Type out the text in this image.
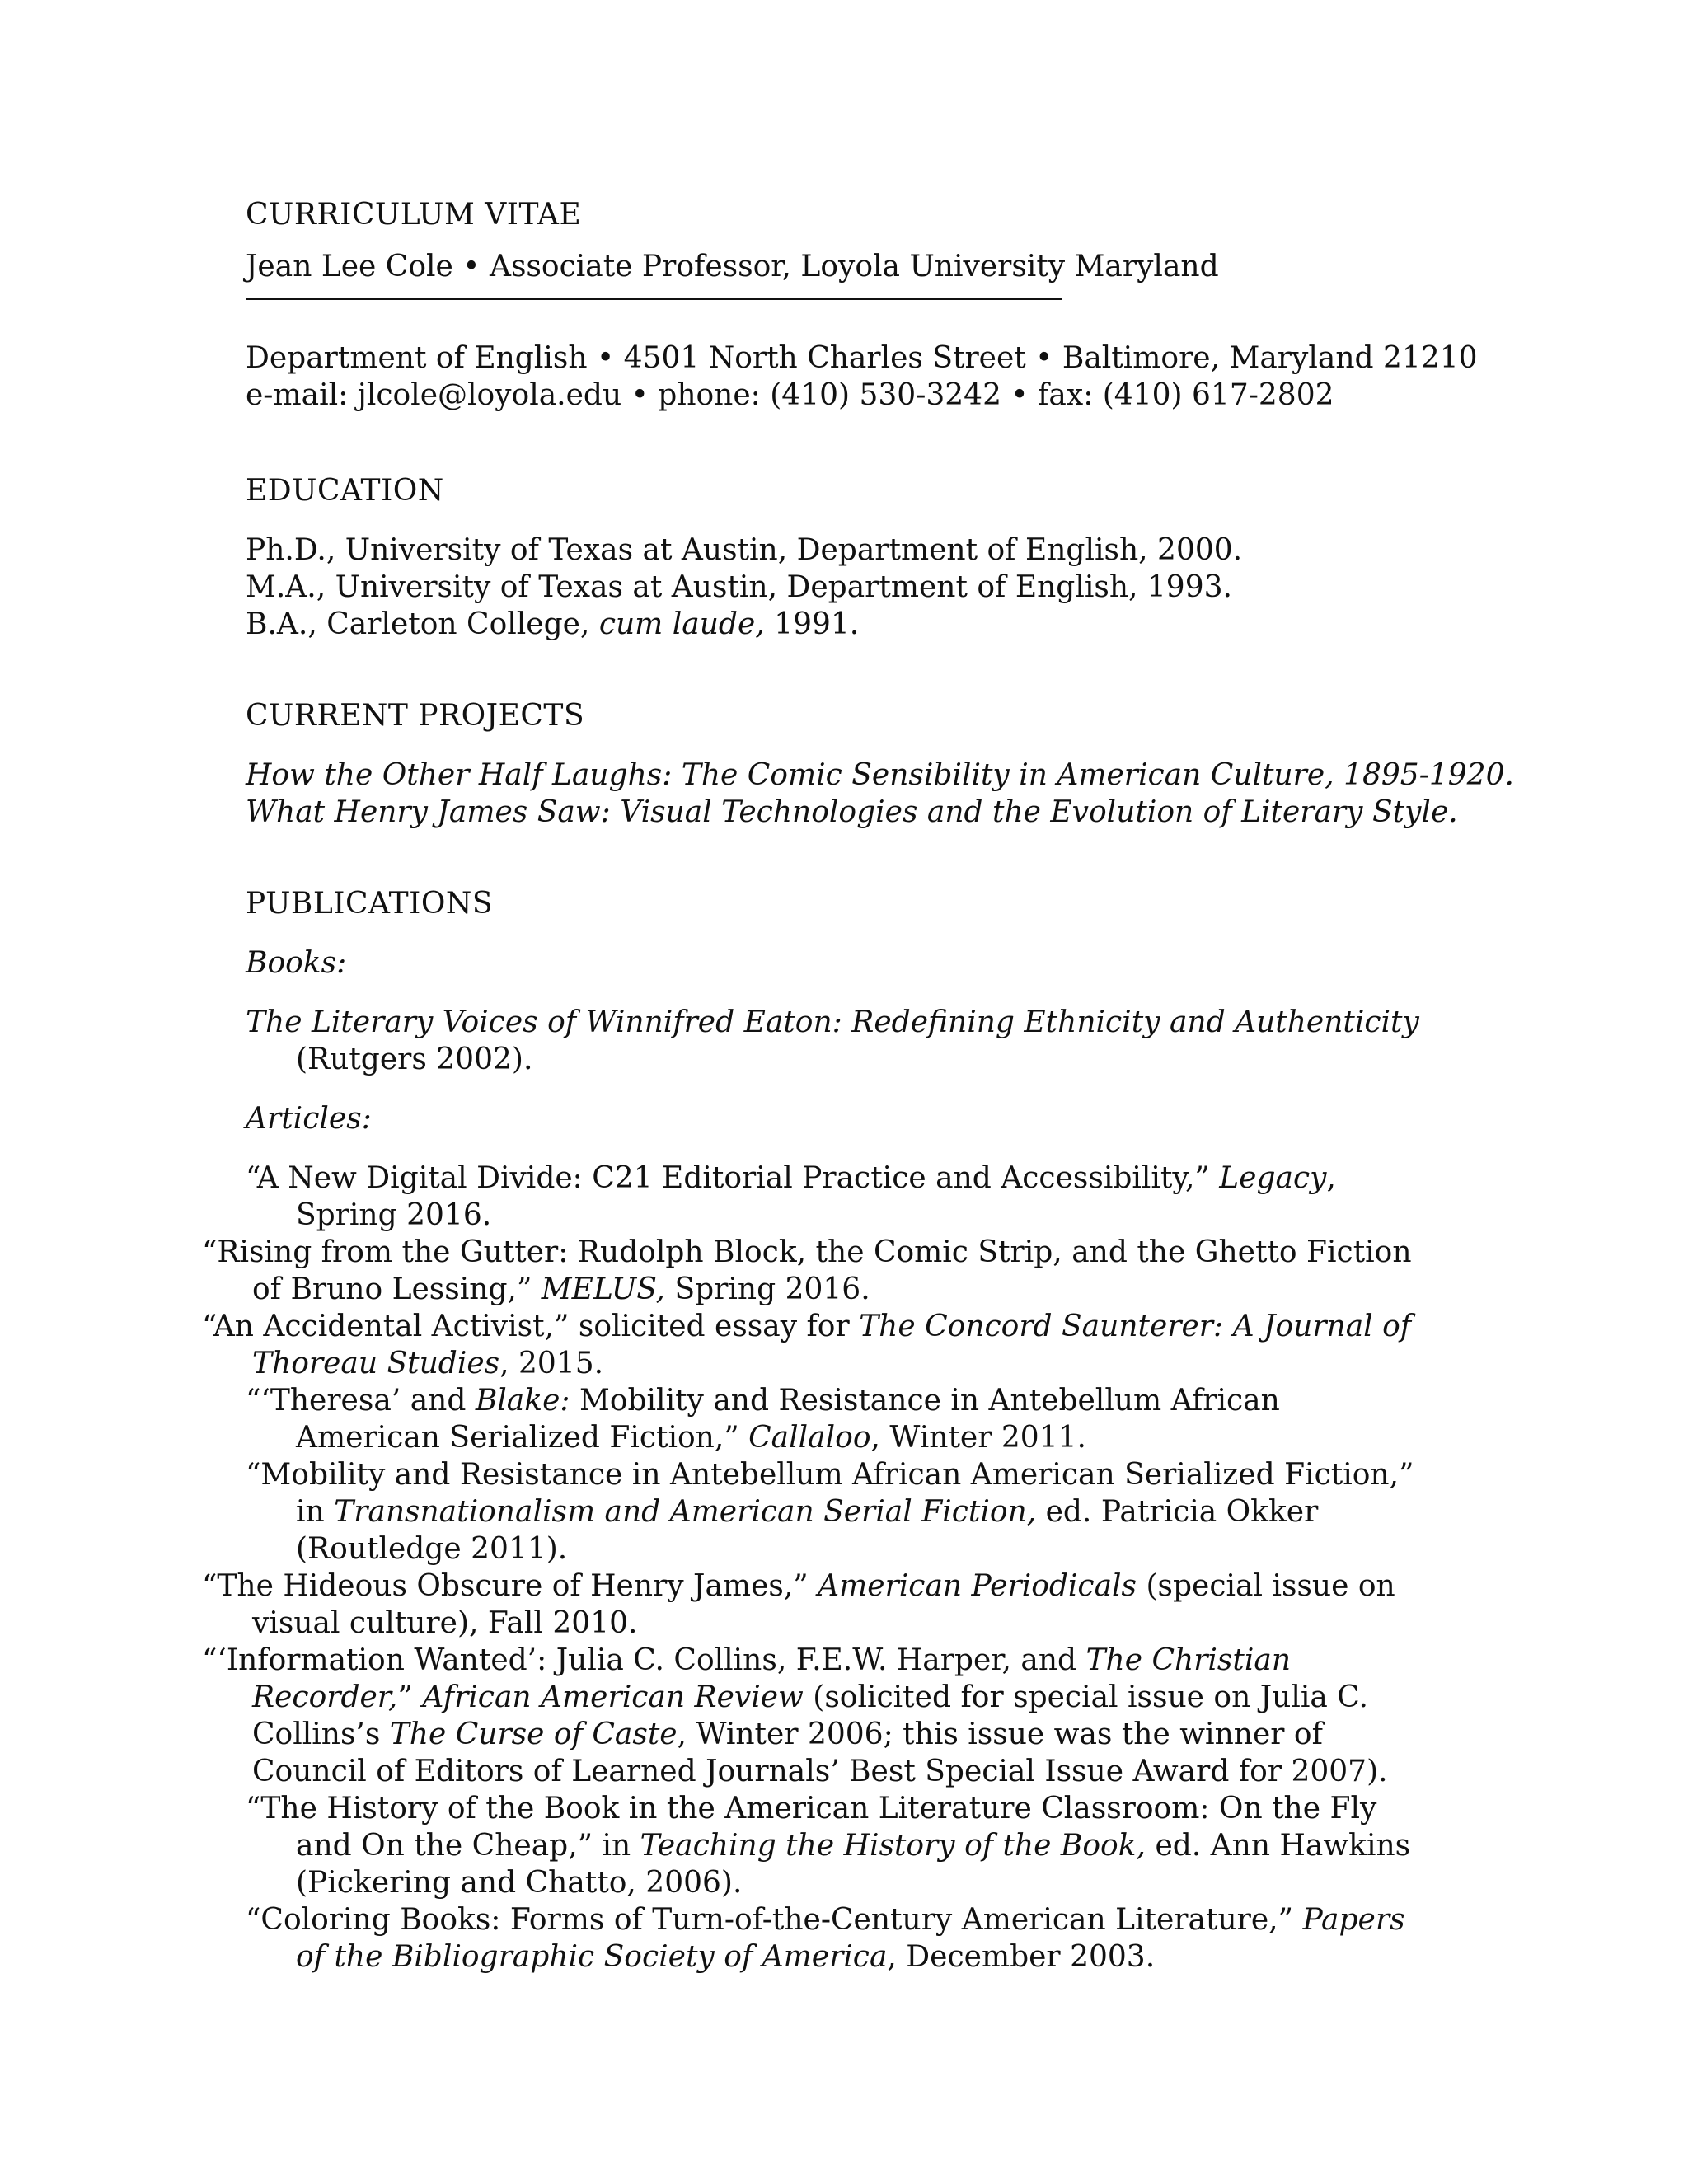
CURRICULUM VITAE
Jean Lee Cole • Associate Professor, Loyola University Maryland
Department of English • 4501 North Charles Street • Baltimore, Maryland 21210
e-mail: jlcole@loyola.edu • phone: (410) 530-3242 • fax: (410) 617-2802
EDUCATION
Ph.D., University of Texas at Austin, Department of English, 2000.
M.A., University of Texas at Austin, Department of English, 1993.
B.A., Carleton College, cum laude, 1991.
CURRENT PROJECTS
How the Other Half Laughs: The Comic Sensibility in American Culture, 1895-1920.
What Henry James Saw: Visual Technologies and the Evolution of Literary Style.
PUBLICATIONS
Books:
The Literary Voices of Winnifred Eaton: Redefining Ethnicity and Authenticity (Rutgers 2002).
Articles:
“A New Digital Divide: C21 Editorial Practice and Accessibility,” Legacy, Spring 2016.
“Rising from the Gutter: Rudolph Block, the Comic Strip, and the Ghetto Fiction of Bruno Lessing,” MELUS, Spring 2016.
“An Accidental Activist,” solicited essay for The Concord Saunterer: A Journal of Thoreau Studies, 2015.
“‘Theresa’ and Blake: Mobility and Resistance in Antebellum African American Serialized Fiction,” Callaloo, Winter 2011.
“Mobility and Resistance in Antebellum African American Serialized Fiction,” in Transnationalism and American Serial Fiction, ed. Patricia Okker (Routledge 2011).
“The Hideous Obscure of Henry James,” American Periodicals (special issue on visual culture), Fall 2010.
“‘Information Wanted’: Julia C. Collins, F.E.W. Harper, and The Christian Recorder,” African American Review (solicited for special issue on Julia C. Collins’s The Curse of Caste, Winter 2006; this issue was the winner of Council of Editors of Learned Journals’ Best Special Issue Award for 2007).
“The History of the Book in the American Literature Classroom: On the Fly and On the Cheap,” in Teaching the History of the Book, ed. Ann Hawkins (Pickering and Chatto, 2006).
“Coloring Books: Forms of Turn-of-the-Century American Literature,” Papers of the Bibliographic Society of America, December 2003.
